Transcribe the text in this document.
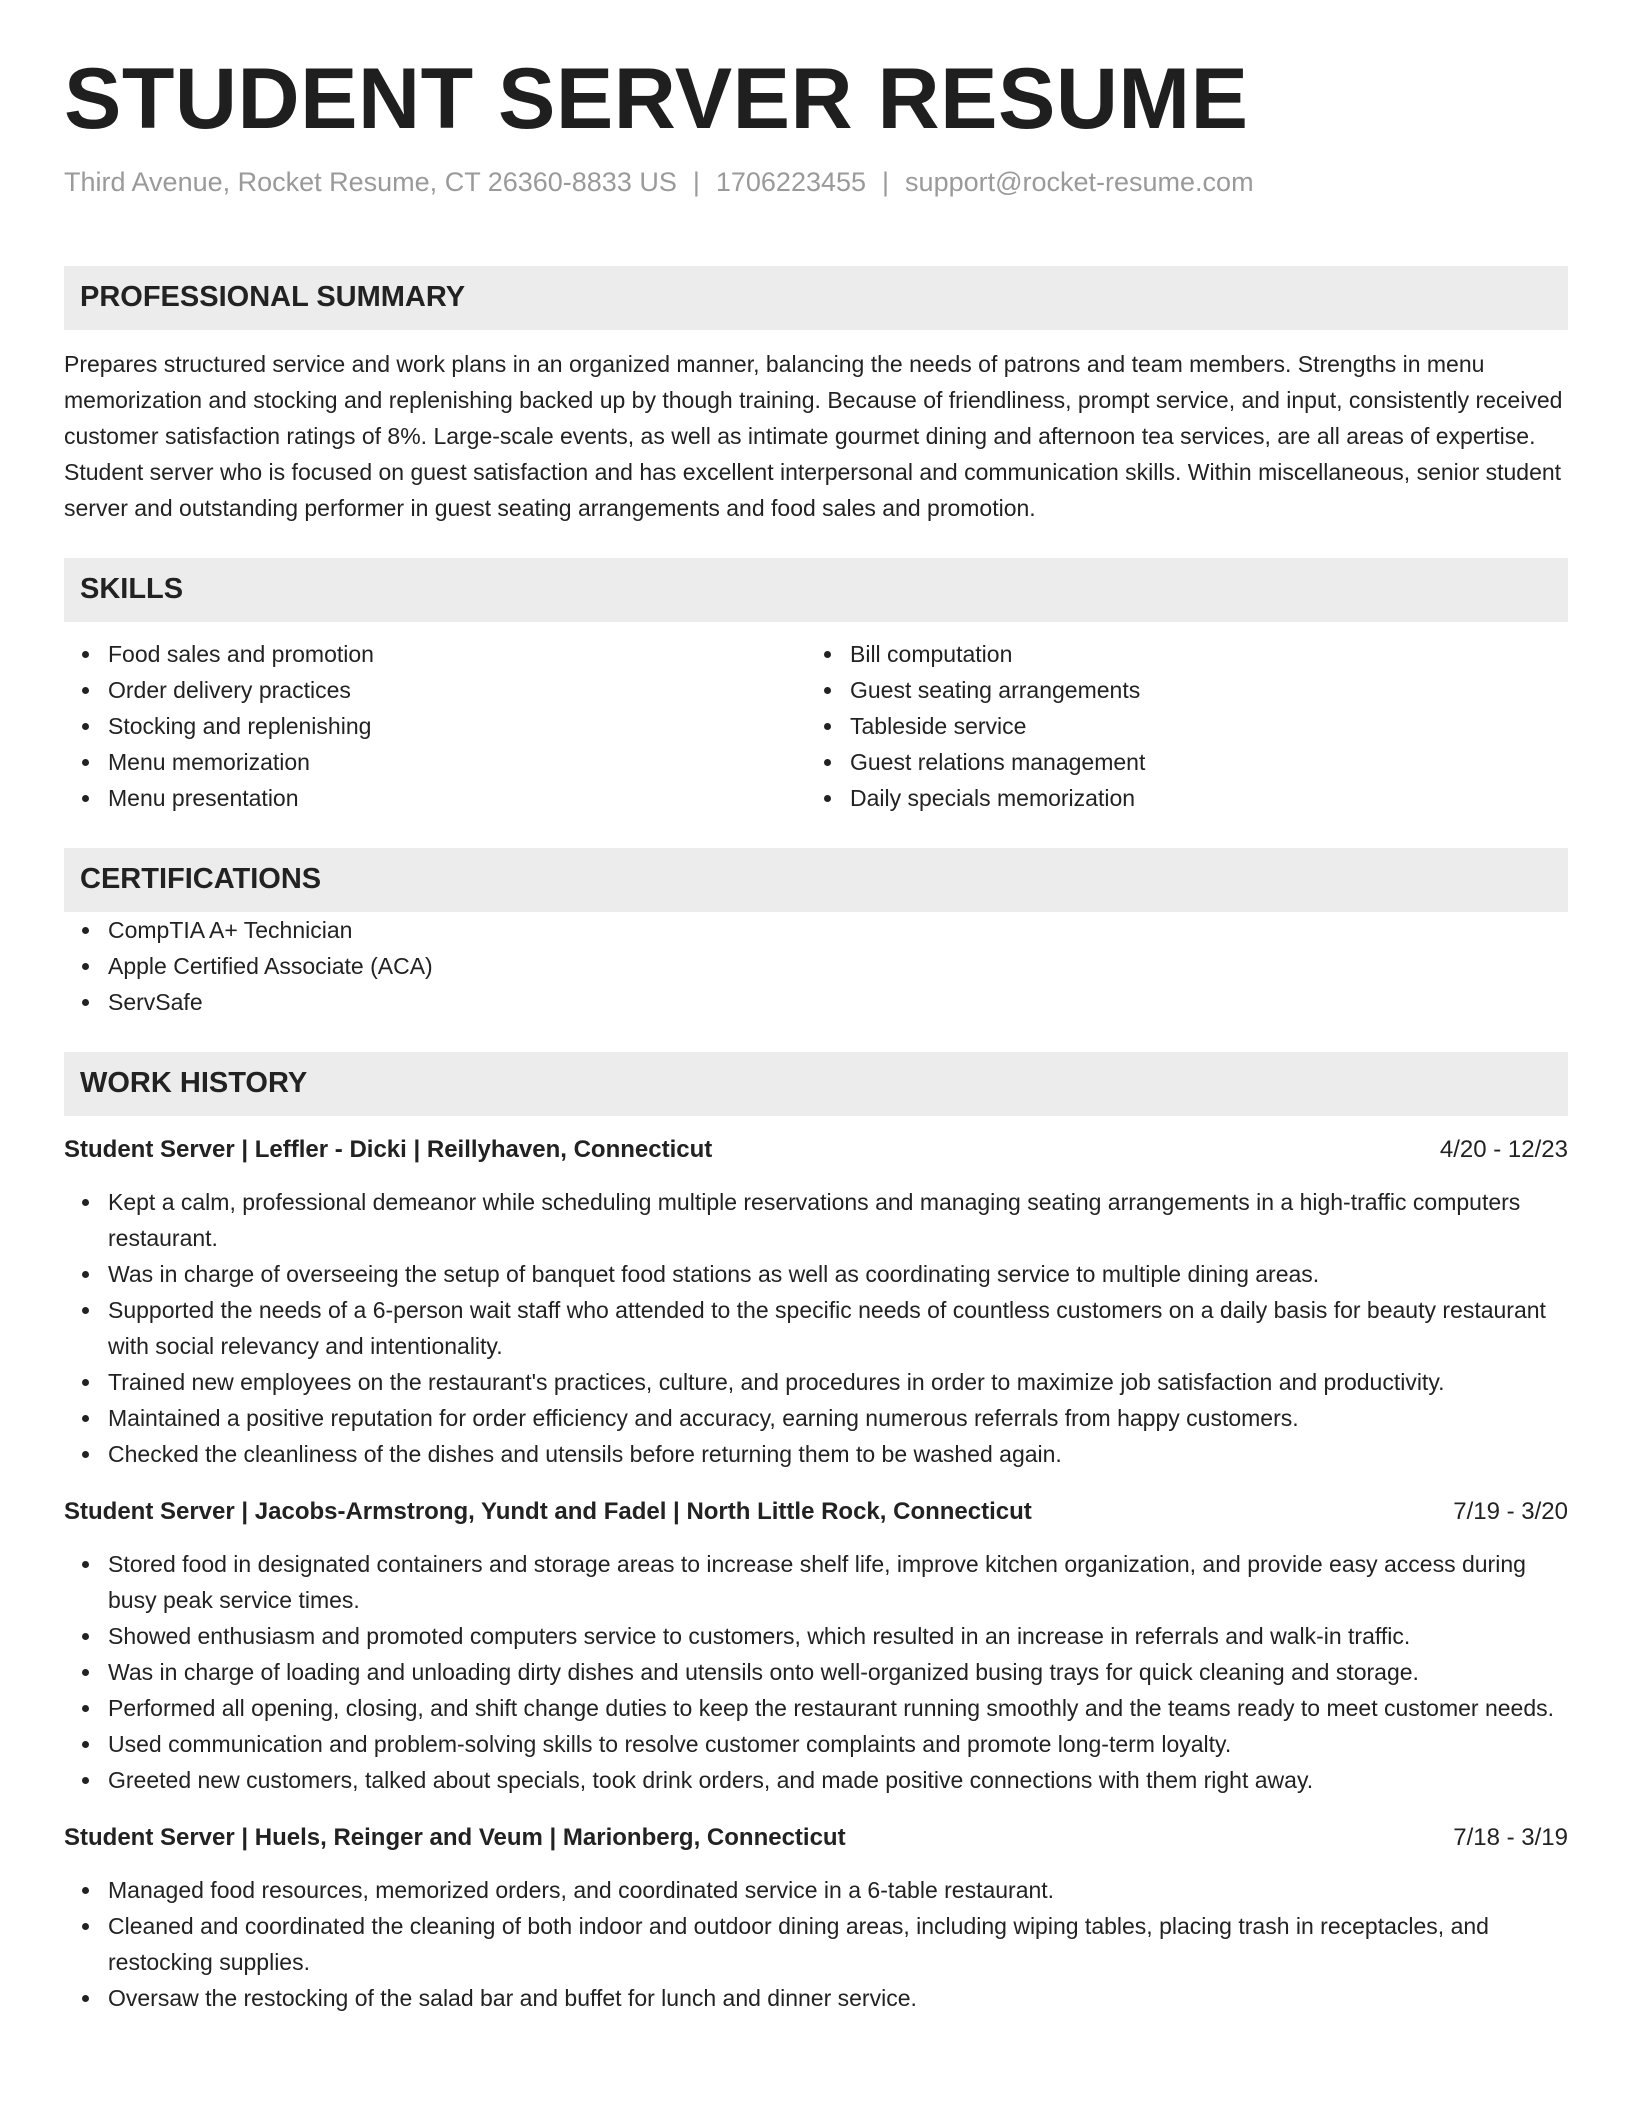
STUDENT SERVER RESUME
Third Avenue, Rocket Resume, CT 26360-8833 US | 1706223455 | support@rocket-resume.com
PROFESSIONAL SUMMARY
Prepares structured service and work plans in an organized manner, balancing the needs of patrons and team members. Strengths in menu memorization and stocking and replenishing backed up by though training. Because of friendliness, prompt service, and input, consistently received customer satisfaction ratings of 8%. Large-scale events, as well as intimate gourmet dining and afternoon tea services, are all areas of expertise. Student server who is focused on guest satisfaction and has excellent interpersonal and communication skills. Within miscellaneous, senior student server and outstanding performer in guest seating arrangements and food sales and promotion.
SKILLS
Food sales and promotion
Order delivery practices
Stocking and replenishing
Menu memorization
Menu presentation
Bill computation
Guest seating arrangements
Tableside service
Guest relations management
Daily specials memorization
CERTIFICATIONS
CompTIA A+ Technician
Apple Certified Associate (ACA)
ServSafe
WORK HISTORY
Student Server | Leffler - Dicki | Reillyhaven, Connecticut	4/20 - 12/23
Kept a calm, professional demeanor while scheduling multiple reservations and managing seating arrangements in a high-traffic computers restaurant.
Was in charge of overseeing the setup of banquet food stations as well as coordinating service to multiple dining areas.
Supported the needs of a 6-person wait staff who attended to the specific needs of countless customers on a daily basis for beauty restaurant with social relevancy and intentionality.
Trained new employees on the restaurant's practices, culture, and procedures in order to maximize job satisfaction and productivity.
Maintained a positive reputation for order efficiency and accuracy, earning numerous referrals from happy customers.
Checked the cleanliness of the dishes and utensils before returning them to be washed again.
Student Server | Jacobs-Armstrong, Yundt and Fadel | North Little Rock, Connecticut	7/19 - 3/20
Stored food in designated containers and storage areas to increase shelf life, improve kitchen organization, and provide easy access during busy peak service times.
Showed enthusiasm and promoted computers service to customers, which resulted in an increase in referrals and walk-in traffic.
Was in charge of loading and unloading dirty dishes and utensils onto well-organized busing trays for quick cleaning and storage.
Performed all opening, closing, and shift change duties to keep the restaurant running smoothly and the teams ready to meet customer needs.
Used communication and problem-solving skills to resolve customer complaints and promote long-term loyalty.
Greeted new customers, talked about specials, took drink orders, and made positive connections with them right away.
Student Server | Huels, Reinger and Veum | Marionberg, Connecticut	7/18 - 3/19
Managed food resources, memorized orders, and coordinated service in a 6-table restaurant.
Cleaned and coordinated the cleaning of both indoor and outdoor dining areas, including wiping tables, placing trash in receptacles, and restocking supplies.
Oversaw the restocking of the salad bar and buffet for lunch and dinner service.
